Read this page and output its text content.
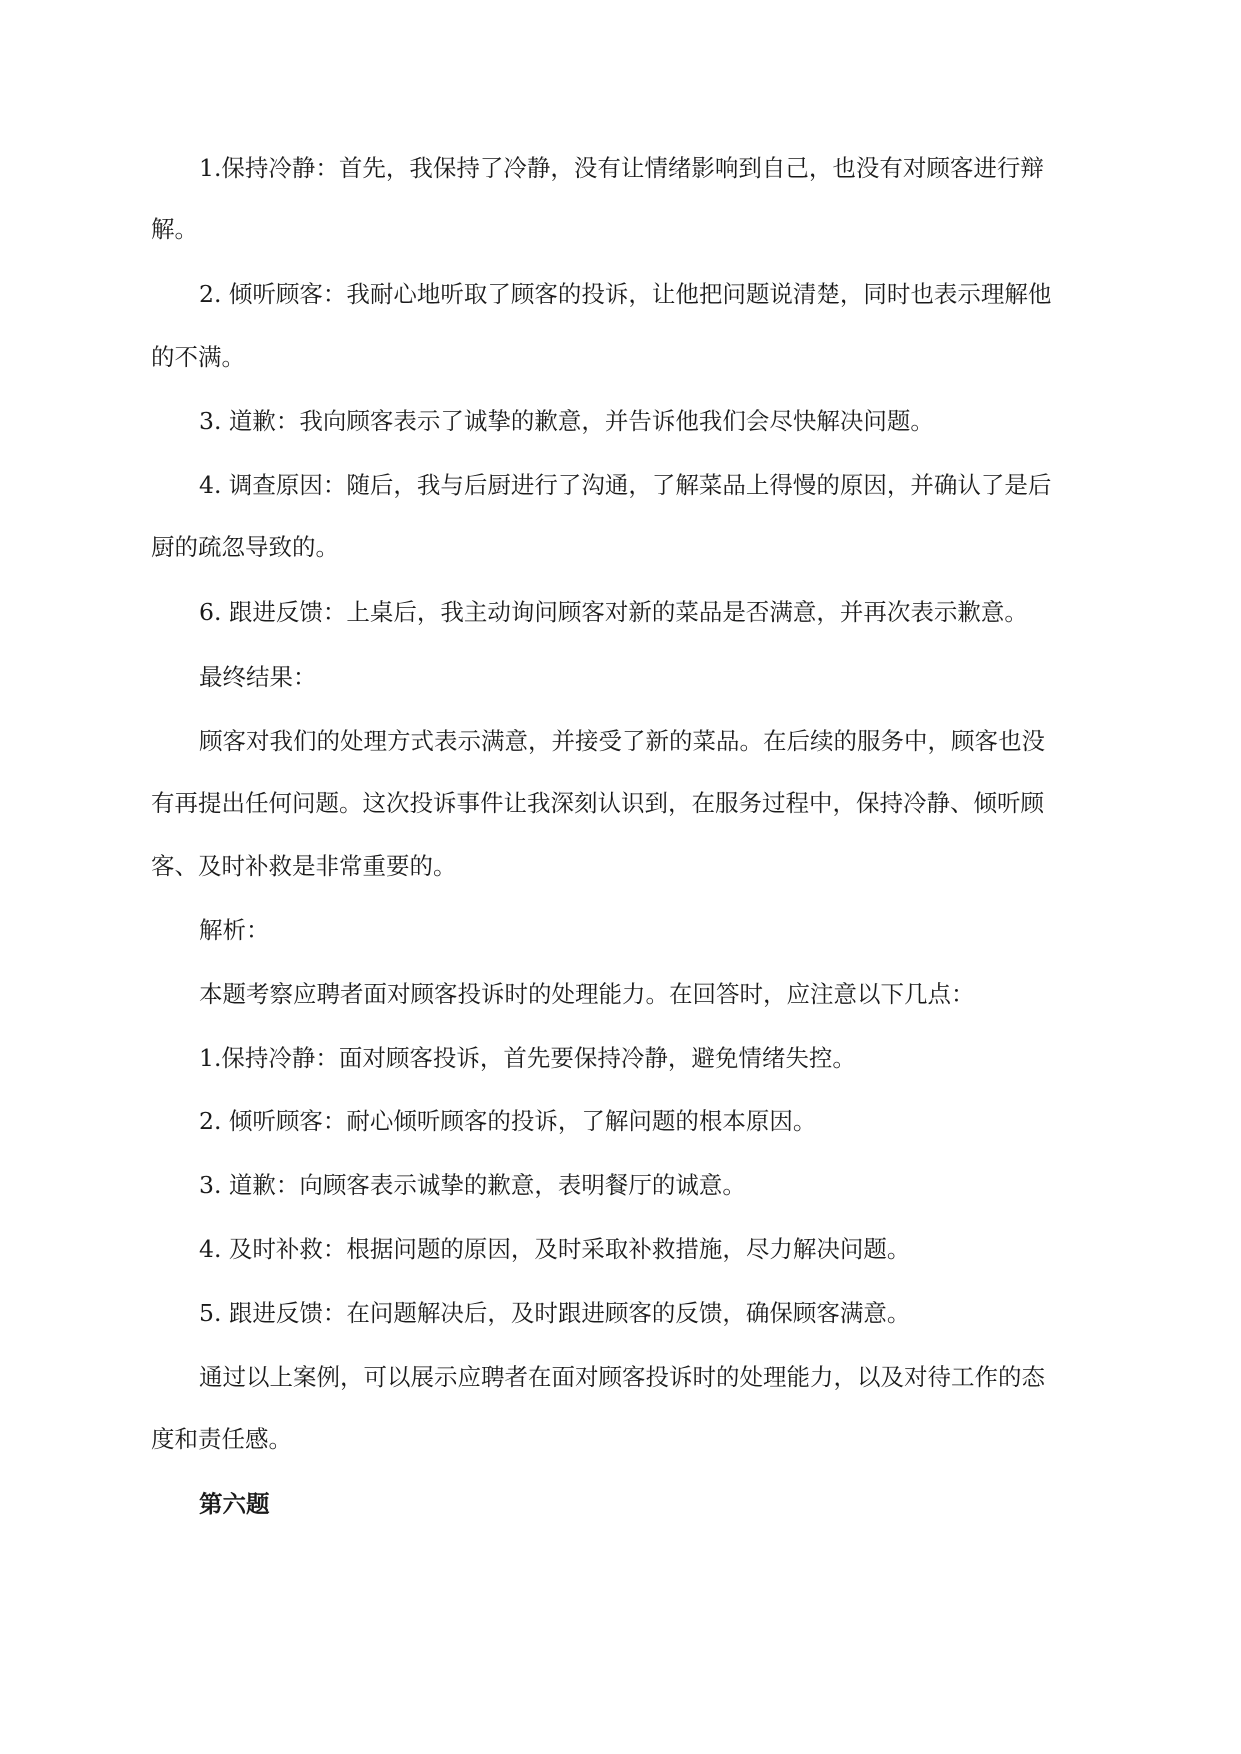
1.保持冷静：首先，我保持了冷静，没有让情绪影响到自己，也没有对顾客进行辩
解。
2. 倾听顾客：我耐心地听取了顾客的投诉，让他把问题说清楚，同时也表示理解他
的不满。
3. 道歉：我向顾客表示了诚挚的歉意，并告诉他我们会尽快解决问题。
4. 调查原因：随后，我与后厨进行了沟通，了解菜品上得慢的原因，并确认了是后
厨的疏忽导致的。
6. 跟进反馈：上桌后，我主动询问顾客对新的菜品是否满意，并再次表示歉意。
最终结果：
顾客对我们的处理方式表示满意，并接受了新的菜品。在后续的服务中，顾客也没
有再提出任何问题。这次投诉事件让我深刻认识到，在服务过程中，保持冷静、倾听顾
客、及时补救是非常重要的。
解析：
本题考察应聘者面对顾客投诉时的处理能力。在回答时，应注意以下几点：
1.保持冷静：面对顾客投诉，首先要保持冷静，避免情绪失控。
2. 倾听顾客：耐心倾听顾客的投诉，了解问题的根本原因。
3. 道歉：向顾客表示诚挚的歉意，表明餐厅的诚意。
4. 及时补救：根据问题的原因，及时采取补救措施，尽力解决问题。
5. 跟进反馈：在问题解决后，及时跟进顾客的反馈，确保顾客满意。
通过以上案例，可以展示应聘者在面对顾客投诉时的处理能力，以及对待工作的态
度和责任感。
第六题
